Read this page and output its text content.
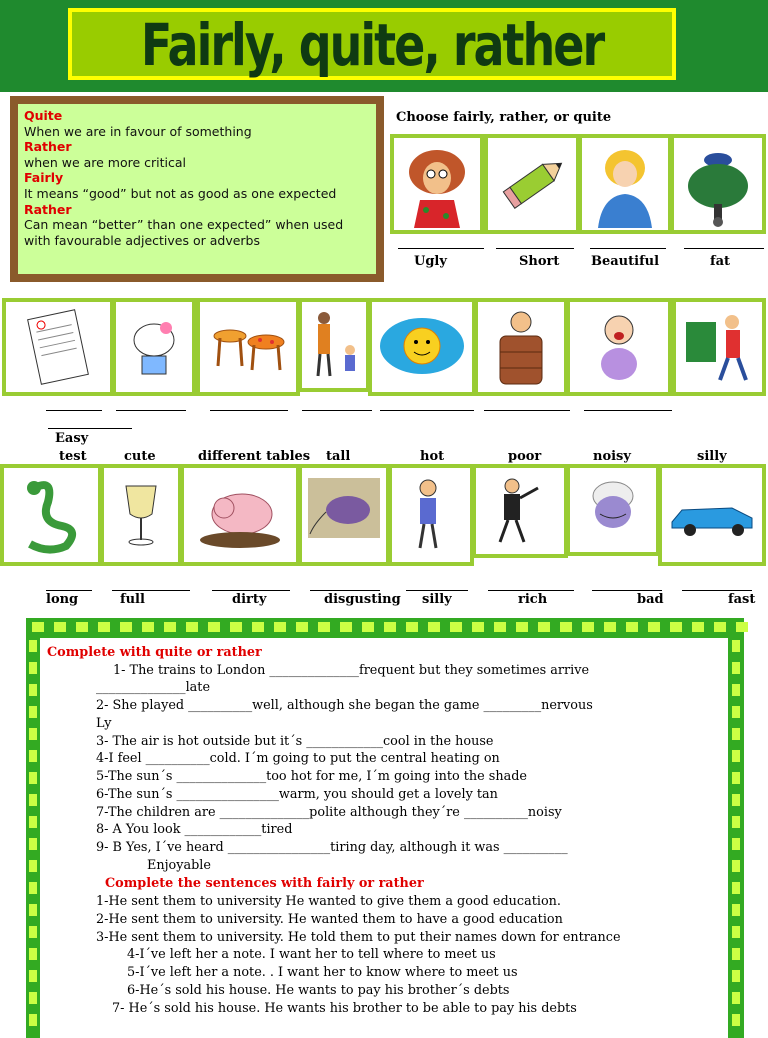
Fairly, quite, rather
Quite
When we are in favour of something
Rather
when we are more critical
Fairly
It means “good” but not as good as one expected
Rather
Can mean “better” than one expected” when used with favourable adjectives or adverbs
Choose fairly, rather, or quite
Ugly	Short Beautiful	fat
Easy
test	cute	different tables tall	hot	poor	noisy	silly
long	full	dirty	disgusting silly	rich	bad	fast
Complete with quite or rather
1- The trains to London ______________frequent but they sometimes arrive
______________late
2- She played __________well, although she began the game _________nervous
Ly
3- The air is hot outside but it´s ____________cool in the house
4-I feel __________cold. I´m going to put the central heating on
5-The sun´s ______________too hot for me, I´m going into the shade
6-The sun´s ________________warm, you should get a lovely tan
7-The children are ______________polite although they´re __________noisy
8- A You look ____________tired
9- B Yes, I´ve heard ________________tiring day, although it was __________
Enjoyable
Complete the sentences with fairly or rather
1-He sent them to university He wanted to give them a good education.
2-He sent them to university. He wanted them to have a good education
3-He sent them to university. He told them to put their names down for entrance
4-I´ve left her a note. I want her to tell where to meet us
5-I´ve left her a note. . I want her to know where to meet us
6-He´s sold his house. He wants to pay his brother´s debts
7- He´s sold his house. He wants his brother to be able to pay his debts
